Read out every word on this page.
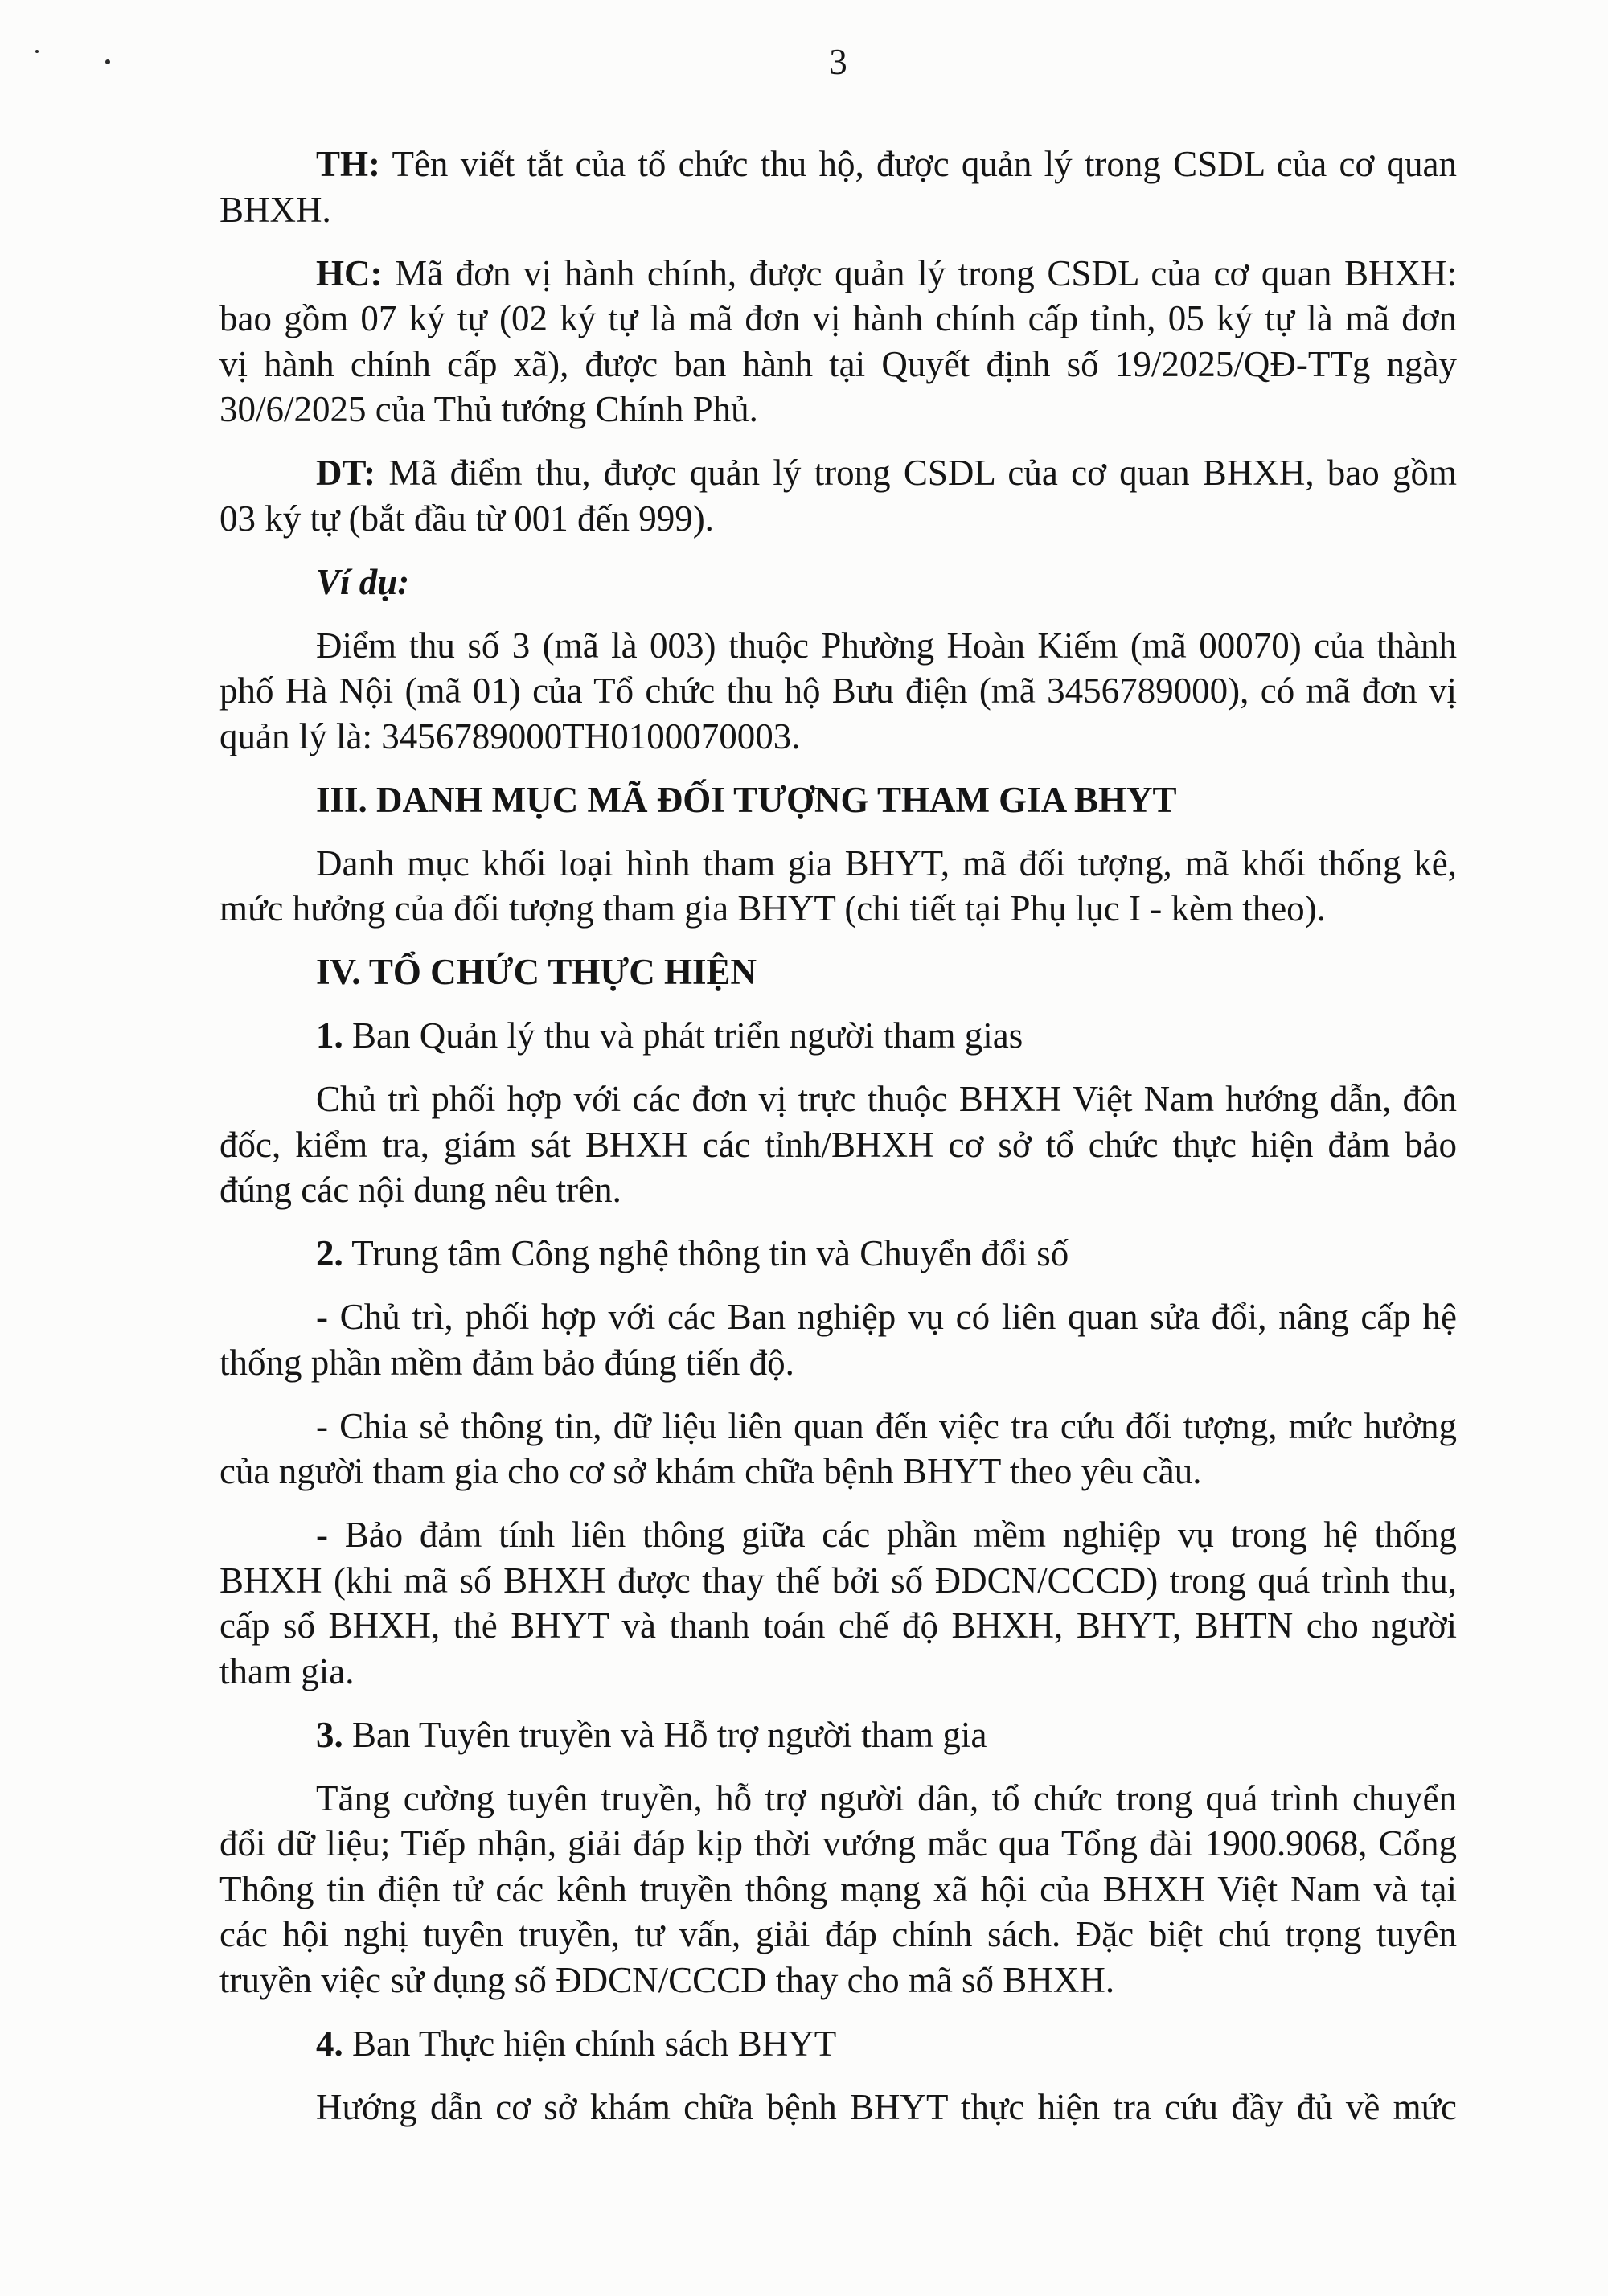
3
TH: Tên viết tắt của tổ chức thu hộ, được quản lý trong CSDL của cơ quan
BHXH.
HC: Mã đơn vị hành chính, được quản lý trong CSDL của cơ quan BHXH:
bao gồm 07 ký tự (02 ký tự là mã đơn vị hành chính cấp tỉnh, 05 ký tự là mã đơn
vị hành chính cấp xã), được ban hành tại Quyết định số 19/2025/QĐ-TTg ngày
30/6/2025 của Thủ tướng Chính Phủ.
DT: Mã điểm thu, được quản lý trong CSDL của cơ quan BHXH, bao gồm
03 ký tự (bắt đầu từ 001 đến 999).
Ví dụ:
Điểm thu số 3 (mã là 003) thuộc Phường Hoàn Kiếm (mã 00070) của thành
phố Hà Nội (mã 01) của Tổ chức thu hộ Bưu điện (mã 3456789000), có mã đơn vị
quản lý là: 3456789000TH0100070003.
III. DANH MỤC MÃ ĐỐI TƯỢNG THAM GIA BHYT
Danh mục khối loại hình tham gia BHYT, mã đối tượng, mã khối thống kê,
mức hưởng của đối tượng tham gia BHYT (chi tiết tại Phụ lục I - kèm theo).
IV. TỔ CHỨC THỰC HIỆN
1. Ban Quản lý thu và phát triển người tham gias
Chủ trì phối hợp với các đơn vị trực thuộc BHXH Việt Nam hướng dẫn, đôn
đốc, kiểm tra, giám sát BHXH các tỉnh/BHXH cơ sở tổ chức thực hiện đảm bảo
đúng các nội dung nêu trên.
2. Trung tâm Công nghệ thông tin và Chuyển đổi số
- Chủ trì, phối hợp với các Ban nghiệp vụ có liên quan sửa đổi, nâng cấp hệ
thống phần mềm đảm bảo đúng tiến độ.
- Chia sẻ thông tin, dữ liệu liên quan đến việc tra cứu đối tượng, mức hưởng
của người tham gia cho cơ sở khám chữa bệnh BHYT theo yêu cầu.
- Bảo đảm tính liên thông giữa các phần mềm nghiệp vụ trong hệ thống
BHXH (khi mã số BHXH được thay thế bởi số ĐDCN/CCCD) trong quá trình thu,
cấp sổ BHXH, thẻ BHYT và thanh toán chế độ BHXH, BHYT, BHTN cho người
tham gia.
3. Ban Tuyên truyền và Hỗ trợ người tham gia
Tăng cường tuyên truyền, hỗ trợ người dân, tổ chức trong quá trình chuyển
đổi dữ liệu; Tiếp nhận, giải đáp kịp thời vướng mắc qua Tổng đài 1900.9068, Cổng
Thông tin điện tử các kênh truyền thông mạng xã hội của BHXH Việt Nam và tại
các hội nghị tuyên truyền, tư vấn, giải đáp chính sách. Đặc biệt chú trọng tuyên
truyền việc sử dụng số ĐDCN/CCCD thay cho mã số BHXH.
4. Ban Thực hiện chính sách BHYT
Hướng dẫn cơ sở khám chữa bệnh BHYT thực hiện tra cứu đầy đủ về mức
